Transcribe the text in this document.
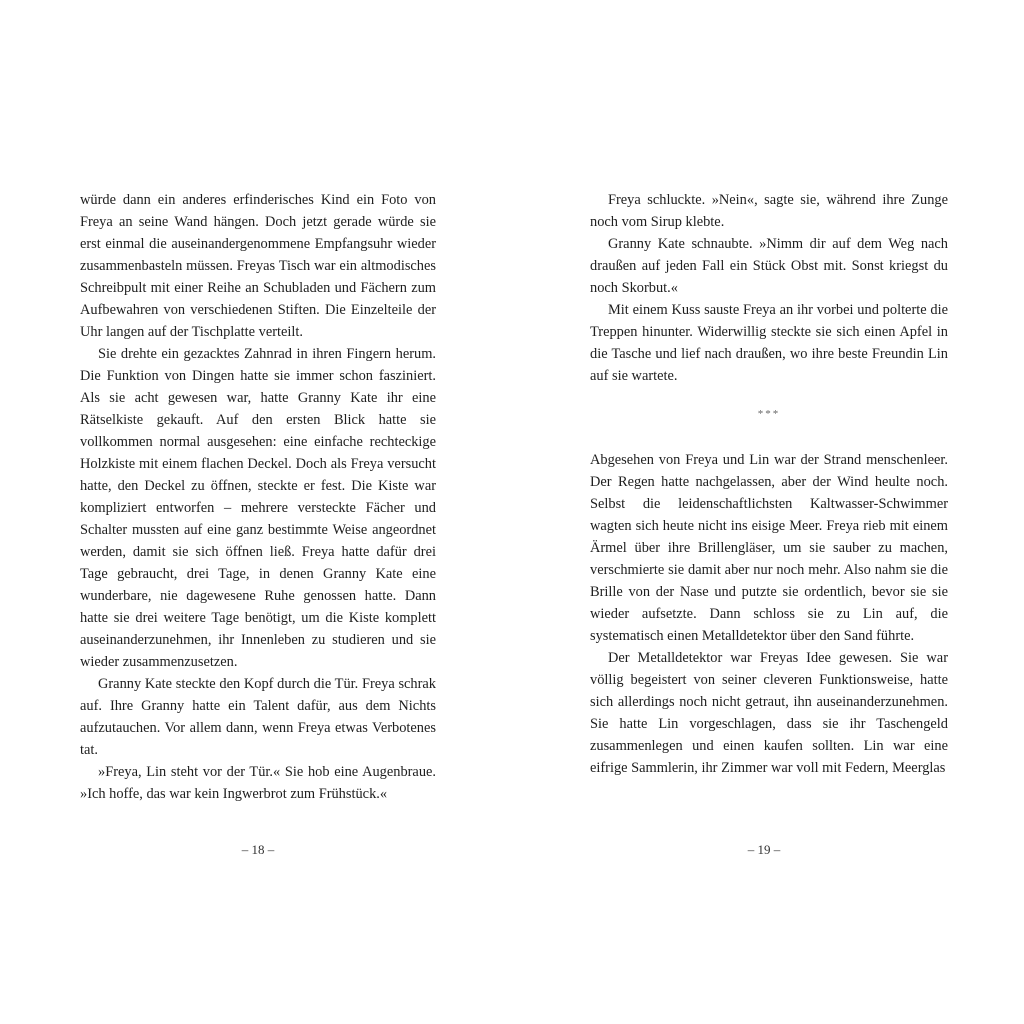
würde dann ein anderes erfinderisches Kind ein Foto von Freya an seine Wand hängen. Doch jetzt gerade würde sie erst einmal die auseinandergenommene Empfangsuhr wieder zusammenbasteln müssen. Freyas Tisch war ein altmodisches Schreibpult mit einer Reihe an Schubladen und Fächern zum Aufbewahren von verschiedenen Stiften. Die Einzelteile der Uhr langen auf der Tischplatte verteilt.

Sie drehte ein gezacktes Zahnrad in ihren Fingern herum. Die Funktion von Dingen hatte sie immer schon fasziniert. Als sie acht gewesen war, hatte Granny Kate ihr eine Rätselkiste gekauft. Auf den ersten Blick hatte sie vollkommen normal ausgesehen: eine einfache rechteckige Holzkiste mit einem flachen Deckel. Doch als Freya versucht hatte, den Deckel zu öffnen, steckte er fest. Die Kiste war kompliziert entworfen – mehrere versteckte Fächer und Schalter mussten auf eine ganz bestimmte Weise angeordnet werden, damit sie sich öffnen ließ. Freya hatte dafür drei Tage gebraucht, drei Tage, in denen Granny Kate eine wunderbare, nie dagewesene Ruhe genossen hatte. Dann hatte sie drei weitere Tage benötigt, um die Kiste komplett auseinanderzunehmen, ihr Innenleben zu studieren und sie wieder zusammenzusetzen.

Granny Kate steckte den Kopf durch die Tür. Freya schrak auf. Ihre Granny hatte ein Talent dafür, aus dem Nichts aufzutauchen. Vor allem dann, wenn Freya etwas Verbotenes tat.

»Freya, Lin steht vor der Tür.« Sie hob eine Augenbraue. »Ich hoffe, das war kein Ingwerbrot zum Frühstück.«

– 18 –

Freya schluckte. »Nein«, sagte sie, während ihre Zunge noch vom Sirup klebte.

Granny Kate schnaubte. »Nimm dir auf dem Weg nach draußen auf jeden Fall ein Stück Obst mit. Sonst kriegst du noch Skorbut.«

Mit einem Kuss sauste Freya an ihr vorbei und polterte die Treppen hinunter. Widerwillig steckte sie sich einen Apfel in die Tasche und lief nach draußen, wo ihre beste Freundin Lin auf sie wartete.

***

Abgesehen von Freya und Lin war der Strand menschenleer. Der Regen hatte nachgelassen, aber der Wind heulte noch. Selbst die leidenschaftlichsten Kaltwasser-Schwimmer wagten sich heute nicht ins eisige Meer. Freya rieb mit einem Ärmel über ihre Brillengläser, um sie sauber zu machen, verschmierte sie damit aber nur noch mehr. Also nahm sie die Brille von der Nase und putzte sie ordentlich, bevor sie sie wieder aufsetzte. Dann schloss sie zu Lin auf, die systematisch einen Metalldetektor über den Sand führte.

Der Metalldetektor war Freyas Idee gewesen. Sie war völlig begeistert von seiner cleveren Funktionsweise, hatte sich allerdings noch nicht getraut, ihn auseinanderzunehmen. Sie hatte Lin vorgeschlagen, dass sie ihr Taschengeld zusammenlegen und einen kaufen sollten. Lin war eine eifrige Sammlerin, ihr Zimmer war voll mit Federn, Meerglas

– 19 –
